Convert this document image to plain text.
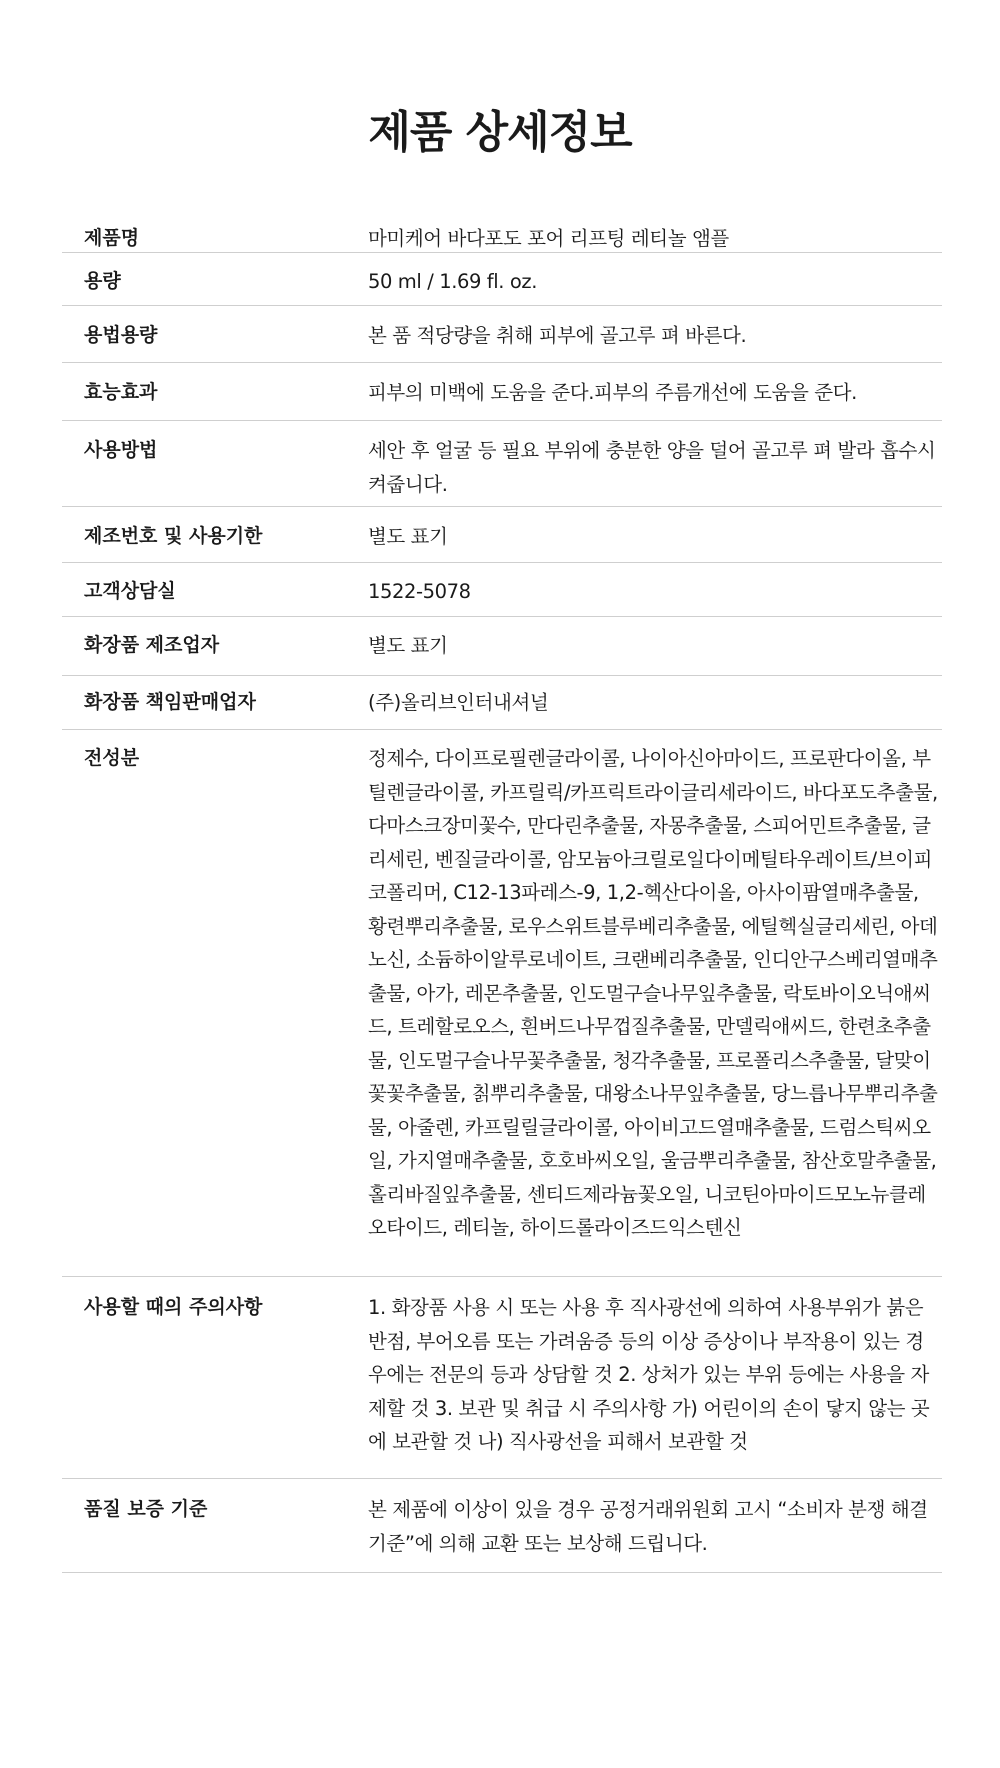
제품 상세정보
제품명	마미케어 바다포도 포어 리프팅 레티놀 앰플
용량	50 ml / 1.69 fl. oz.
용법용량	본 품 적당량을 취해 피부에 골고루 펴 바른다.
효능효과	피부의 미백에 도움을 준다.피부의 주름개선에 도움을 준다.
사용방법	세안 후 얼굴 등 필요 부위에 충분한 양을 덜어 골고루 펴 발라 흡수시켜줍니다.
제조번호 및 사용기한	별도 표기
고객상담실	1522-5078
화장품 제조업자	별도 표기
화장품 책임판매업자	(주)올리브인터내셔널
전성분	정제수, 다이프로필렌글라이콜, 나이아신아마이드, 프로판다이올, 부틸렌글라이콜, 카프릴릭/카프릭트라이글리세라이드, 바다포도추출물, 다마스크장미꽃수, 만다린추출물, 자몽추출물, 스피어민트추출물, 글리세린, 벤질글라이콜, 암모늄아크릴로일다이메틸타우레이트/브이피코폴리머, C12-13파레스-9, 1,2-헥산다이올, 아사이팜열매추출물, 황련뿌리추출물, 로우스위트블루베리추출물, 에틸헥실글리세린, 아데노신, 소듐하이알루로네이트, 크랜베리추출물, 인디안구스베리열매추출물, 아가, 레몬추출물, 인도멀구슬나무잎추출물, 락토바이오닉애씨드, 트레할로오스, 흰버드나무껍질추출물, 만델릭애씨드, 한련초추출물, 인도멀구슬나무꽃추출물, 청각추출물, 프로폴리스추출물, 달맞이꽃꽃추출물, 칡뿌리추출물, 대왕소나무잎추출물, 당느릅나무뿌리추출물, 아줄렌, 카프릴릴글라이콜, 아이비고드열매추출물, 드럼스틱씨오일, 가지열매추출물, 호호바씨오일, 울금뿌리추출물, 참산호말추출물, 홀리바질잎추출물, 센티드제라늄꽃오일, 니코틴아마이드모노뉴클레오타이드, 레티놀, 하이드롤라이즈드익스텐신
사용할 때의 주의사항	1. 화장품 사용 시 또는 사용 후 직사광선에 의하여 사용부위가 붉은 반점, 부어오름 또는 가려움증 등의 이상 증상이나 부작용이 있는 경우에는 전문의 등과 상담할 것 2. 상처가 있는 부위 등에는 사용을 자제할 것 3. 보관 및 취급 시 주의사항 가) 어린이의 손이 닿지 않는 곳에 보관할 것 나) 직사광선을 피해서 보관할 것
품질 보증 기준	본 제품에 이상이 있을 경우 공정거래위원회 고시 “소비자 분쟁 해결 기준”에 의해 교환 또는 보상해 드립니다.
